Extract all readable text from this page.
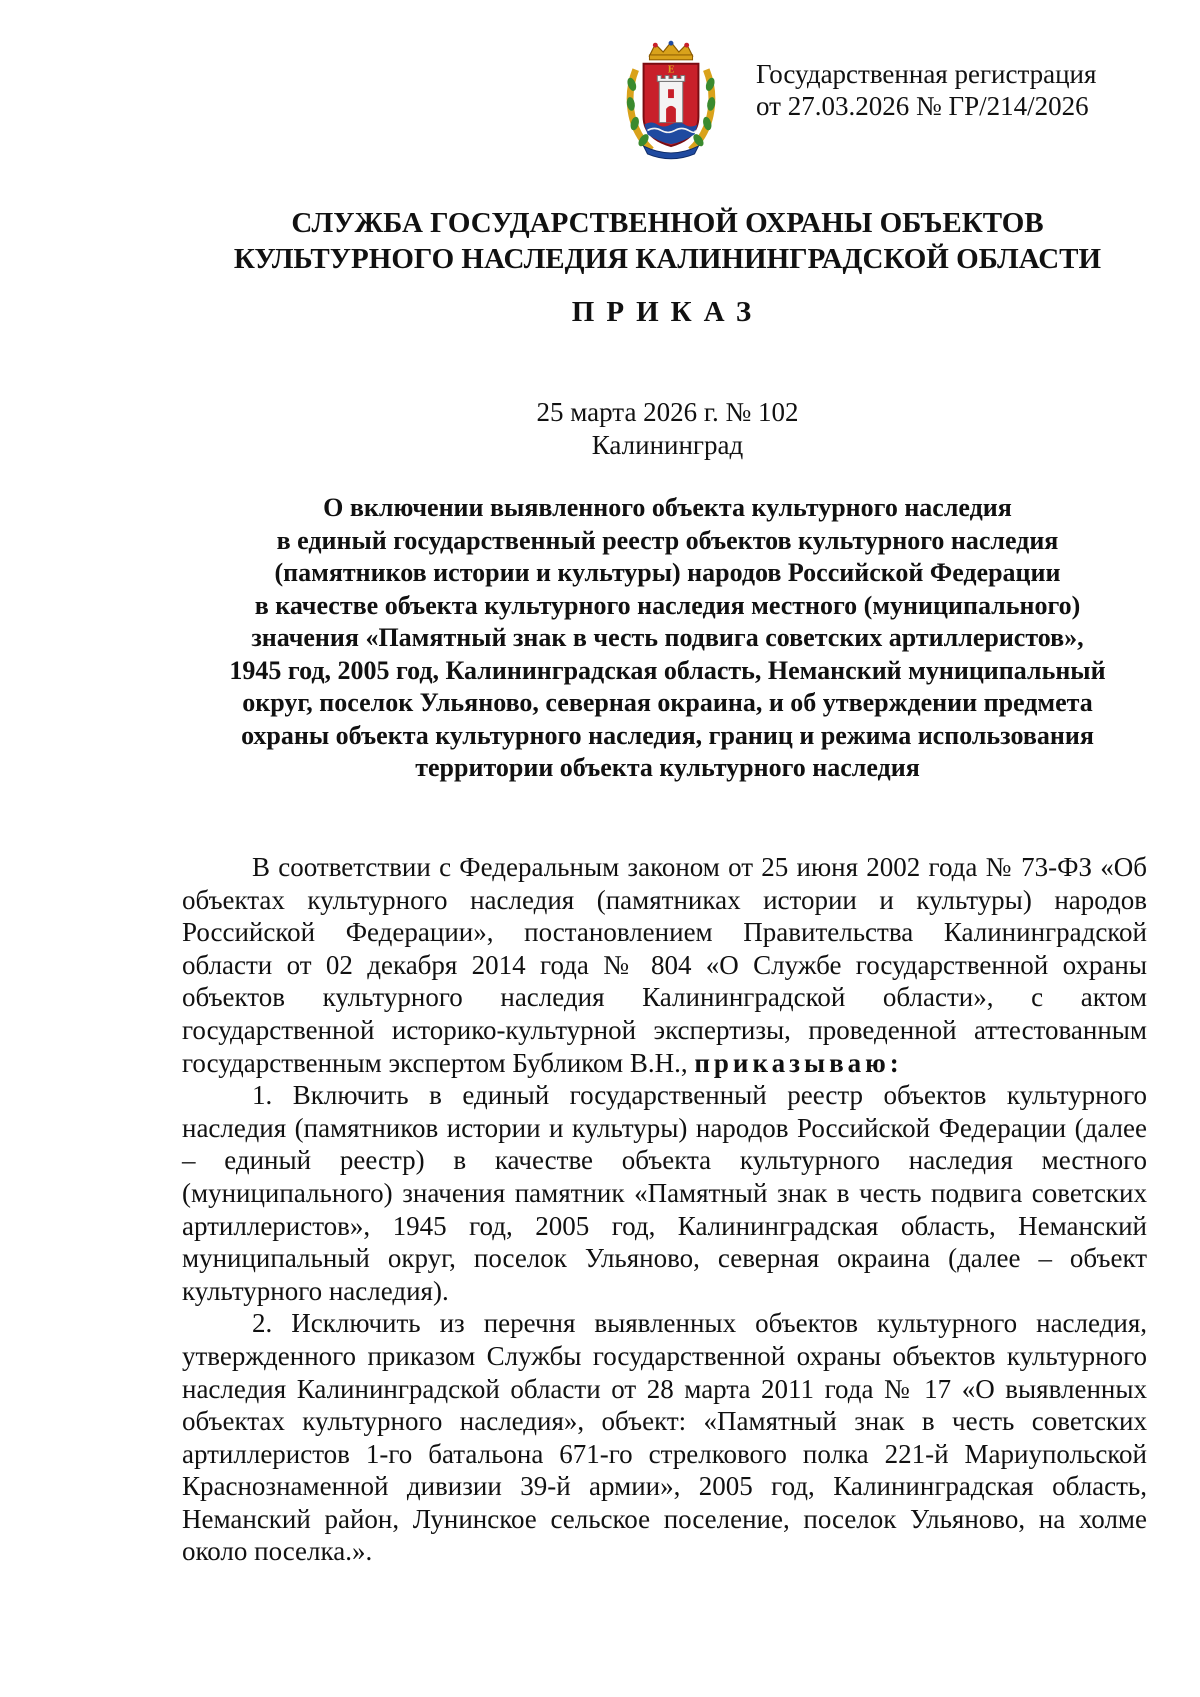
E	Государственная регистрация
от 27.03.2026 № ГР/214/2026
СЛУЖБА ГОСУДАРСТВЕННОЙ ОХРАНЫ ОБЪЕКТОВ
КУЛЬТУРНОГО НАСЛЕДИЯ КАЛИНИНГРАДСКОЙ ОБЛАСТИ
ПРИКАЗ
25 марта 2026 г. № 102
Калининград
О включении выявленного объекта культурного наследия
в единый государственный реестр объектов культурного наследия
(памятников истории и культуры) народов Российской Федерации
в качестве объекта культурного наследия местного (муниципального)
значения «Памятный знак в честь подвига советских артиллеристов»,
1945 год, 2005 год, Калининградская область, Неманский муниципальный
округ, поселок Ульяново, северная окраина, и об утверждении предмета
охраны объекта культурного наследия, границ и режима использования
территории объекта культурного наследия

В соответствии с Федеральным законом от 25 июня 2002 года № 73-ФЗ «Об объектах культурного наследия (памятниках истории и культуры) народов Российской Федерации», постановлением Правительства Калининградской области от 02 декабря 2014 года № 804 «О Службе государственной охраны объектов культурного наследия Калининградской области», с актом государственной историко-культурной экспертизы, проведенной аттестованным государственным экспертом Бубликом В.Н., приказываю:

1. Включить в единый государственный реестр объектов культурного наследия (памятников истории и культуры) народов Российской Федерации (далее – единый реестр) в качестве объекта культурного наследия местного (муниципального) значения памятник «Памятный знак в честь подвига советских артиллеристов», 1945 год, 2005 год, Калининградская область, Неманский муниципальный округ, поселок Ульяново, северная окраина (далее – объект культурного наследия).

2. Исключить из перечня выявленных объектов культурного наследия, утвержденного приказом Службы государственной охраны объектов культурного наследия Калининградской области от 28 марта 2011 года № 17 «О выявленных объектах культурного наследия», объект: «Памятный знак в честь советских артиллеристов 1-го батальона 671-го стрелкового полка 221-й Мариупольской Краснознаменной дивизии 39-й армии», 2005 год, Калининградская область, Неманский район, Лунинское сельское поселение, поселок Ульяново, на холме около поселка.».
